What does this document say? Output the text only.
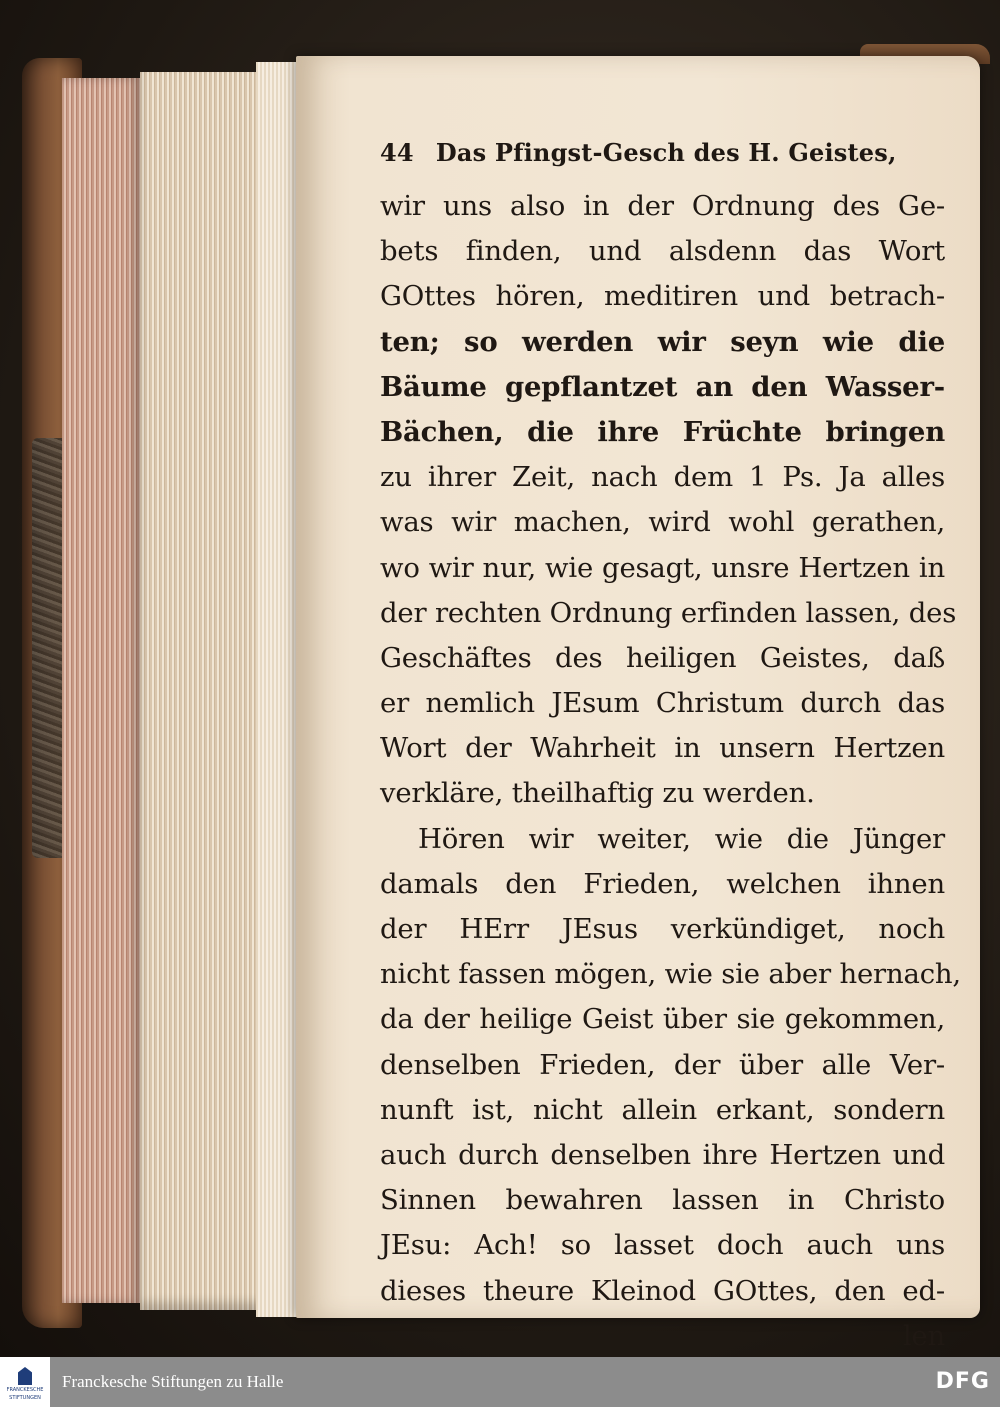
44 Das Pfingst-Gesch des H. Geistes,
wir uns also in der Ordnung des Ge-
bets finden, und alsdenn das Wort
GOttes hören, meditiren und betrach-
ten; so werden wir seyn wie die
Bäume gepflantzet an den Wasser-
Bächen, die ihre Früchte bringen
zu ihrer Zeit, nach dem 1 Ps. Ja alles
was wir machen, wird wohl gerathen,
wo wir nur, wie gesagt, unsre Hertzen in
der rechten Ordnung erfinden lassen, des
Geschäftes des heiligen Geistes, daß
er nemlich JEsum Christum durch das
Wort der Wahrheit in unsern Hertzen
verkläre, theilhaftig zu werden.
Hören wir weiter, wie die Jünger
damals den Frieden, welchen ihnen
der HErr JEsus verkündiget, noch
nicht fassen mögen, wie sie aber hernach,
da der heilige Geist über sie gekommen,
denselben Frieden, der über alle Ver-
nunft ist, nicht allein erkant, sondern
auch durch denselben ihre Hertzen und
Sinnen bewahren lassen in Christo
JEsu: Ach! so lasset doch auch uns
dieses theure Kleinod GOttes, den ed-
len
FRANCKESCHE
STIFTUNGEN
Franckesche Stiftungen zu Halle	DFG
